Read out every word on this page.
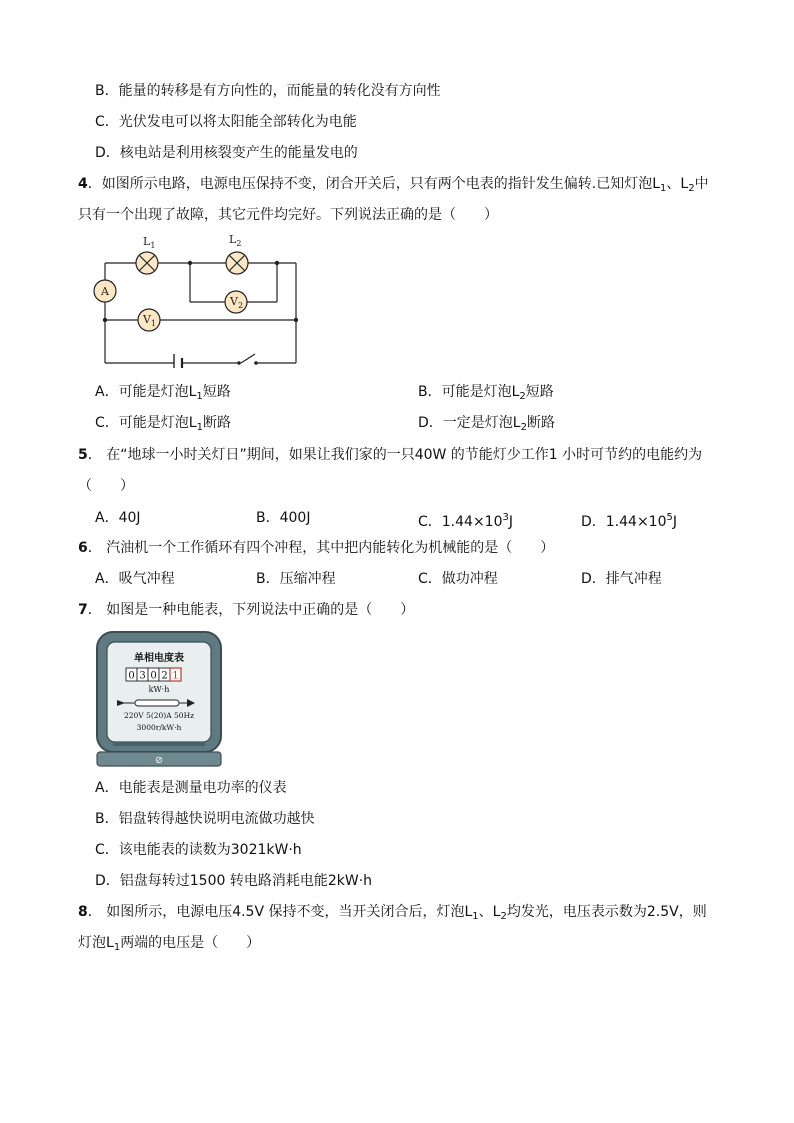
B．能量的转移是有方向性的，而能量的转化没有方向性
C．光伏发电可以将太阳能全部转化为电能
D．核电站是利用核裂变产生的能量发电的
4．如图所示电路，电源电压保持不变，闭合开关后，只有两个电表的指针发生偏转.已知灯泡$L_1$、$L_2$中
只有一个出现了故障，其它元件均完好。下列说法正确的是（　　）
$L_1$	$L_2$
A
$V_1$
$V_2$
A．可能是灯泡$L_1$短路	B．可能是灯泡$L_2$短路
C．可能是灯泡$L_1$断路	D．一定是灯泡$L_2$断路
5． 在“地球一小时关灯日”期间，如果让我们家的一只40W 的节能灯少工作1 小时可节约的电能约为
（　　）
A．40J	B．400J	C．$1.44\times 10^3J$	D．$1.44\times 10^5J$
6． 汽油机一个工作循环有四个冲程，其中把内能转化为机械能的是（　　）
A．吸气冲程	B．压缩冲程	C．做功冲程	D．排气冲程
7． 如图是一种电能表，下列说法中正确的是（　　）
⊘
单相电度表
0 3 0 2 1
kW·h
220V 5(20)A 50Hz
3000r/kW·h
A．电能表是测量电功率的仪表
B．铝盘转得越快说明电流做功越快
C．该电能表的读数为3021kW·h
D．铝盘每转过1500 转电路消耗电能2kW·h
8． 如图所示，电源电压4.5V 保持不变，当开关闭合后，灯泡$L_1$、$L_2$均发光，电压表示数为2.5V，则
灯泡$L_1$两端的电压是（　　）
